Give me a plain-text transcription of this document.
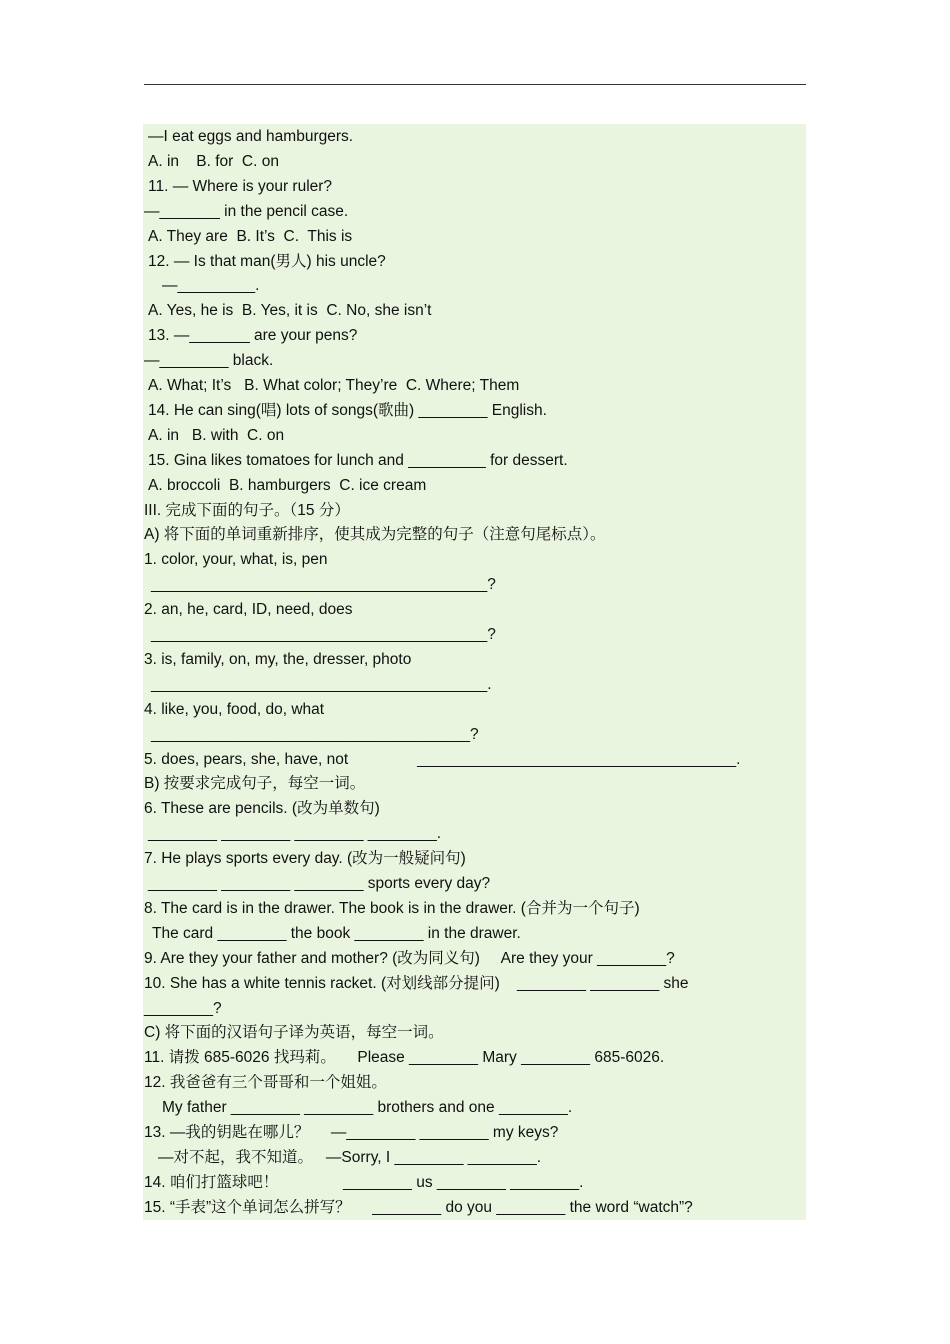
—I eat eggs and hamburgers.
A. in    B. for  C. on
11. — Where is your ruler?
—_______ in the pencil case.
A. They are  B. It’s  C.  This is
12. — Is that man(男人) his uncle?
—_________.
A. Yes, he is  B. Yes, it is  C. No, she isn’t
13. —_______ are your pens?
—________ black.
A. What; It’s   B. What color; They’re  C. Where; Them
14. He can sing(唱) lots of songs(歌曲) ________ English.
A. in   B. with  C. on
15. Gina likes tomatoes for lunch and _________ for dessert.
A. broccoli  B. hamburgers  C. ice cream
III. 完成下面的句子。（15 分）
A) 将下面的单词重新排序，使其成为完整的句子（注意句尾标点）。
1. color, your, what, is, pen
_______________________________________?
2. an, he, card, ID, need, does
_______________________________________?
3. is, family, on, my, the, dresser, photo
_______________________________________.
4. like, you, food, do, what
_____________________________________?
5. does, pears, she, have, not                _____________________________________.
B) 按要求完成句子，每空一词。
6. These are pencils. (改为单数句)
________ ________ ________ ________.
7. He plays sports every day. (改为一般疑问句)
________ ________ ________ sports every day?
8. The card is in the drawer. The book is in the drawer. (合并为一个句子)
The card ________ the book ________ in the drawer.
9. Are they your father and mother? (改为同义句)     Are they your ________?
10. She has a white tennis racket. (对划线部分提问)    ________ ________ she
________?
C) 将下面的汉语句子译为英语，每空一词。
11. 请拨 685-6026 找玛莉。     Please ________ Mary ________ 685-6026.
12. 我爸爸有三个哥哥和一个姐姐。
My father ________ ________ brothers and one ________.
13. —我的钥匙在哪儿？     —________ ________ my keys?
—对不起，我不知道。   —Sorry, I ________ ________.
14. 咱们打篮球吧！               ________ us ________ ________.
15. “手表”这个单词怎么拼写？     ________ do you ________ the word “watch”?
